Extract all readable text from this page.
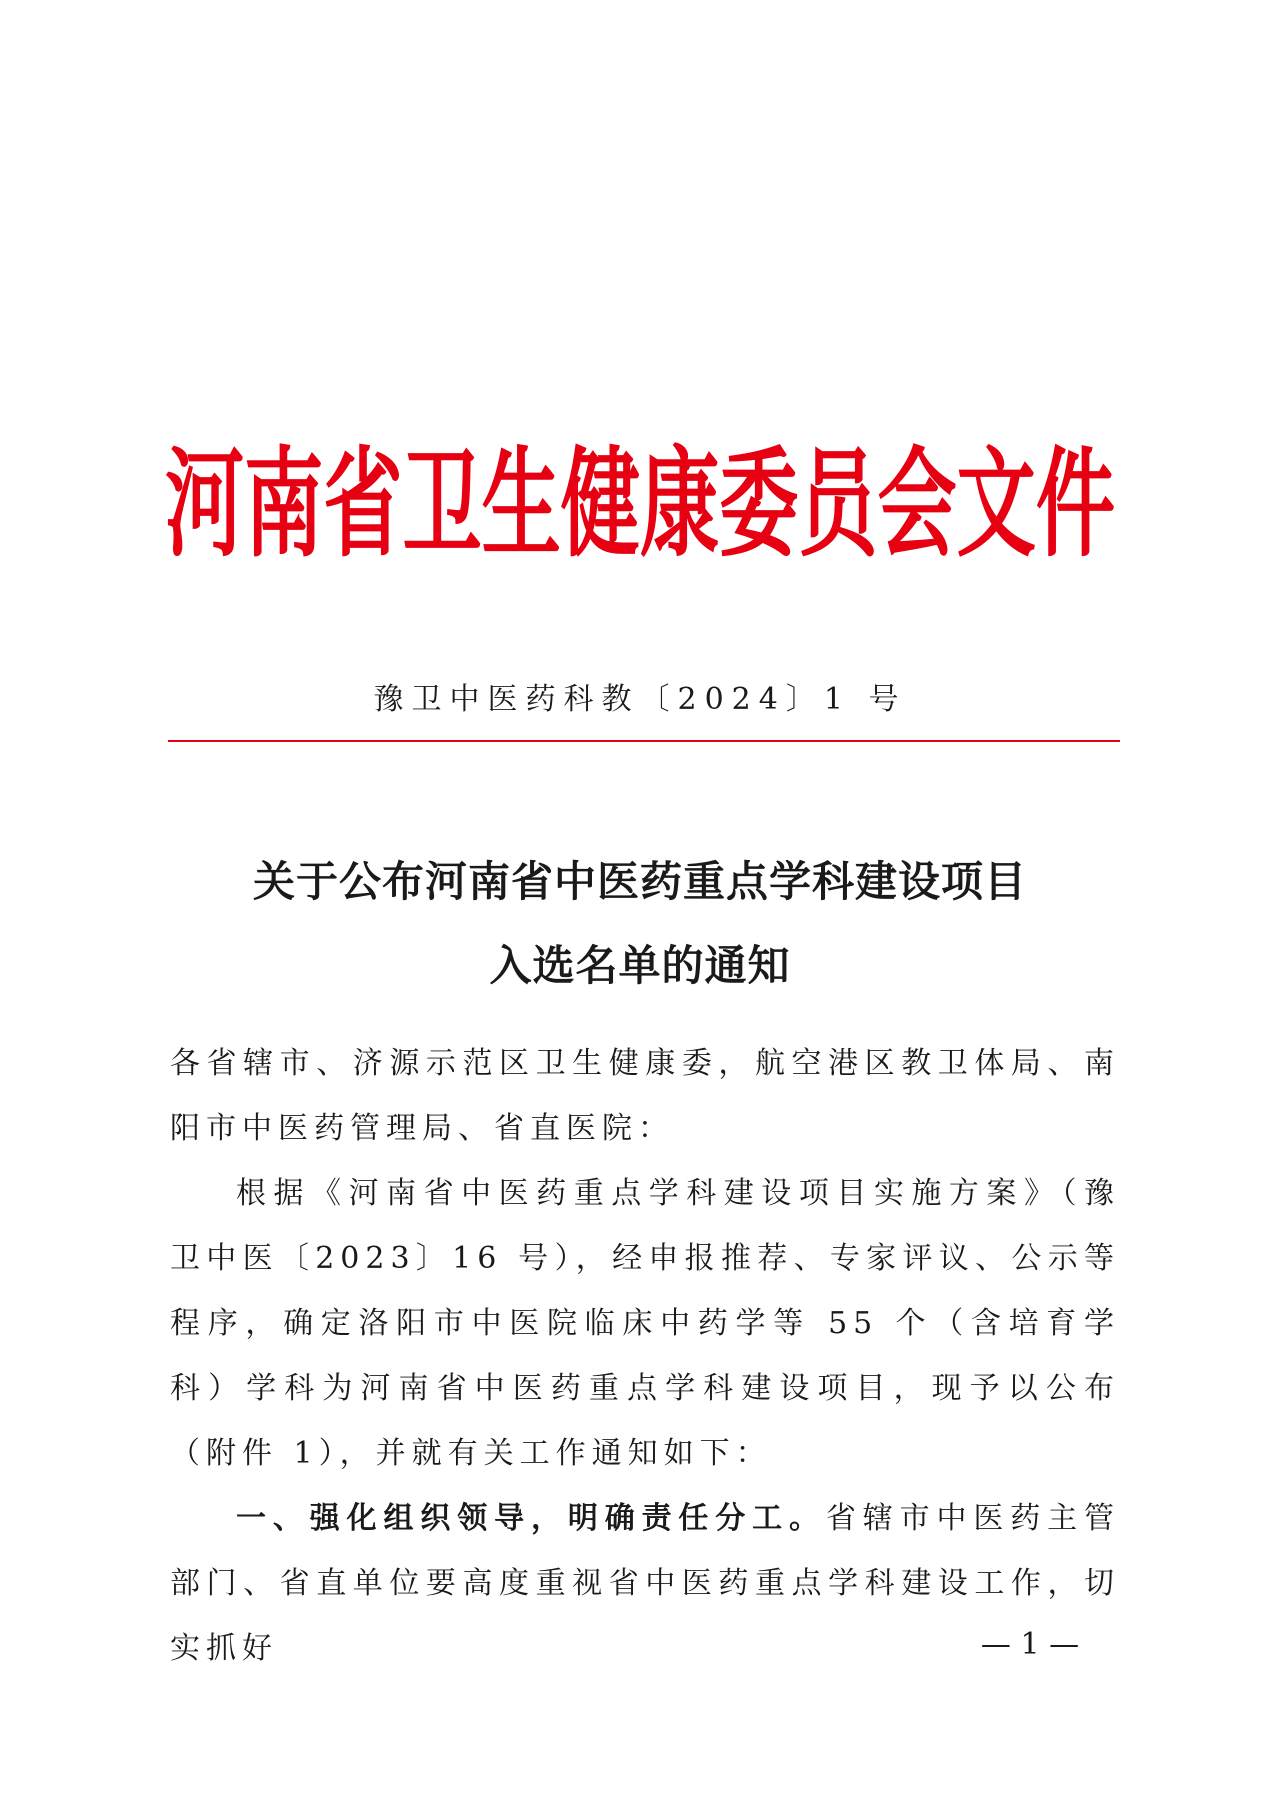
河南省卫生健康委员会文件
豫卫中医药科教〔2024〕1 号
关于公布河南省中医药重点学科建设项目
入选名单的通知

各省辖市、济源示范区卫生健康委，航空港区教卫体局、南阳市中医药管理局、省直医院：

根据《河南省中医药重点学科建设项目实施方案》（豫卫中医〔2023〕16 号），经申报推荐、专家评议、公示等程序，确定洛阳市中医院临床中药学等 55 个（含培育学科）学科为河南省中医药重点学科建设项目，现予以公布（附件 1），并就有关工作通知如下：

一、强化组织领导，明确责任分工。省辖市中医药主管部门、省直单位要高度重视省中医药重点学科建设工作，切实抓好	— 1 —
